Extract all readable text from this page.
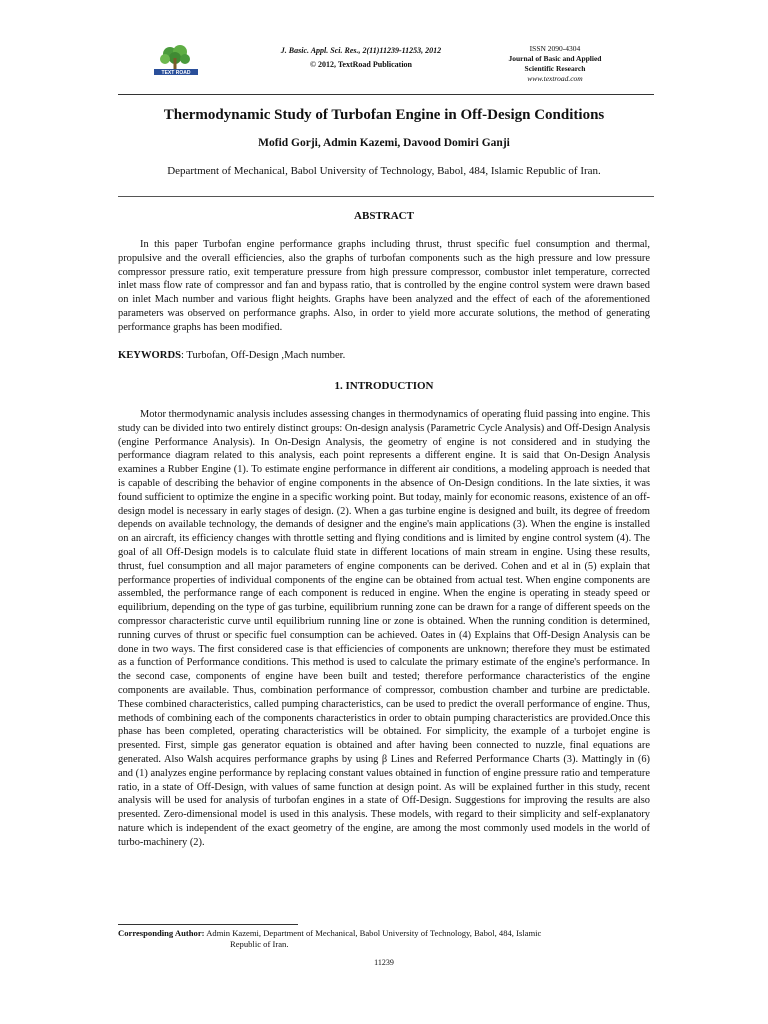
TEXT ROAD
J. Basic. Appl. Sci. Res., 2(11)11239-11253, 2012
© 2012, TextRoad Publication
ISSN 2090-4304
Journal of Basic and Applied
Scientific Research
www.textroad.com
Thermodynamic Study of Turbofan Engine in Off-Design Conditions
Mofid Gorji, Admin Kazemi, Davood Domiri Ganji
Department of Mechanical, Babol University of Technology, Babol, 484, Islamic Republic of Iran.
ABSTRACT
In this paper Turbofan engine performance graphs including thrust, thrust specific fuel consumption and thermal, propulsive and the overall efficiencies, also the graphs of turbofan components such as the high pressure and low pressure compressor pressure ratio, exit temperature pressure from high pressure compressor, combustor inlet temperature, corrected inlet mass flow rate of compressor and fan and bypass ratio, that is controlled by the engine control system were drawn based on inlet Mach number and various flight heights. Graphs have been analyzed and the effect of each of the aforementioned parameters was observed on performance graphs. Also, in order to yield more accurate solutions, the method of generating performance graphs has been modified.
KEYWORDS: Turbofan, Off-Design ,Mach number.
1. INTRODUCTION
Motor thermodynamic analysis includes assessing changes in thermodynamics of operating fluid passing into engine. This study can be divided into two entirely distinct groups: On-design analysis (Parametric Cycle Analysis) and Off-Design Analysis (engine Performance Analysis). In On-Design Analysis, the geometry of engine is not considered and in studying the performance diagram related to this analysis, each point represents a different engine. It is said that On-Design Analysis examines a Rubber Engine (1). To estimate engine performance in different air conditions, a modeling approach is needed that is capable of describing the behavior of engine components in the absence of On-Design conditions. In the late sixties, it was found sufficient to optimize the engine in a specific working point. But today, mainly for economic reasons, existence of an off-design model is necessary in early stages of design. (2). When a gas turbine engine is designed and built, its degree of freedom depends on available technology, the demands of designer and the engine's main applications (3). When the engine is installed on an aircraft, its efficiency changes with throttle setting and flying conditions and is limited by engine control system (4). The goal of all Off-Design models is to calculate fluid state in different locations of main stream in engine. Using these results, thrust, fuel consumption and all major parameters of engine components can be derived. Cohen and et al in (5) explain that performance properties of individual components of the engine can be obtained from actual test. When engine components are assembled, the performance range of each component is reduced in engine. When the engine is operating in steady speed or equilibrium, depending on the type of gas turbine, equilibrium running zone can be drawn for a range of different speeds on the compressor characteristic curve until equilibrium running line or zone is obtained. When the running condition is determined, running curves of thrust or specific fuel consumption can be achieved. Oates in (4) Explains that Off-Design Analysis can be done in two ways. The first considered case is that efficiencies of components are unknown; therefore they must be estimated as a function of Performance conditions. This method is used to calculate the primary estimate of the engine's performance. In the second case, components of engine have been built and tested; therefore performance characteristics of the engine components are available. Thus, combination performance of compressor, combustion chamber and turbine are predictable. These combined characteristics, called pumping characteristics, can be used to predict the overall performance of engine. Thus, methods of combining each of the components characteristics in order to obtain pumping characteristics are provided.Once this phase has been completed, operating characteristics will be obtained. For simplicity, the example of a turbojet engine is presented. First, simple gas generator equation is obtained and after having been connected to nuzzle, final equations are generated. Also Walsh acquires performance graphs by using β Lines and Referred Performance Charts (3). Mattingly in (6) and (1) analyzes engine performance by replacing constant values obtained in function of engine pressure ratio and temperature ratio, in a state of Off-Design, with values of same function at design point. As will be explained further in this study, recent analysis will be used for analysis of turbofan engines in a state of Off-Design. Suggestions for improving the results are also presented. Zero-dimensional model is used in this analysis. These models, with regard to their simplicity and self-explanatory nature which is independent of the exact geometry of the engine, are among the most commonly used models in the world of turbo-machinery (2).
Corresponding Author: Admin Kazemi, Department of Mechanical, Babol University of Technology, Babol, 484, Islamic
Republic of Iran.
11239
